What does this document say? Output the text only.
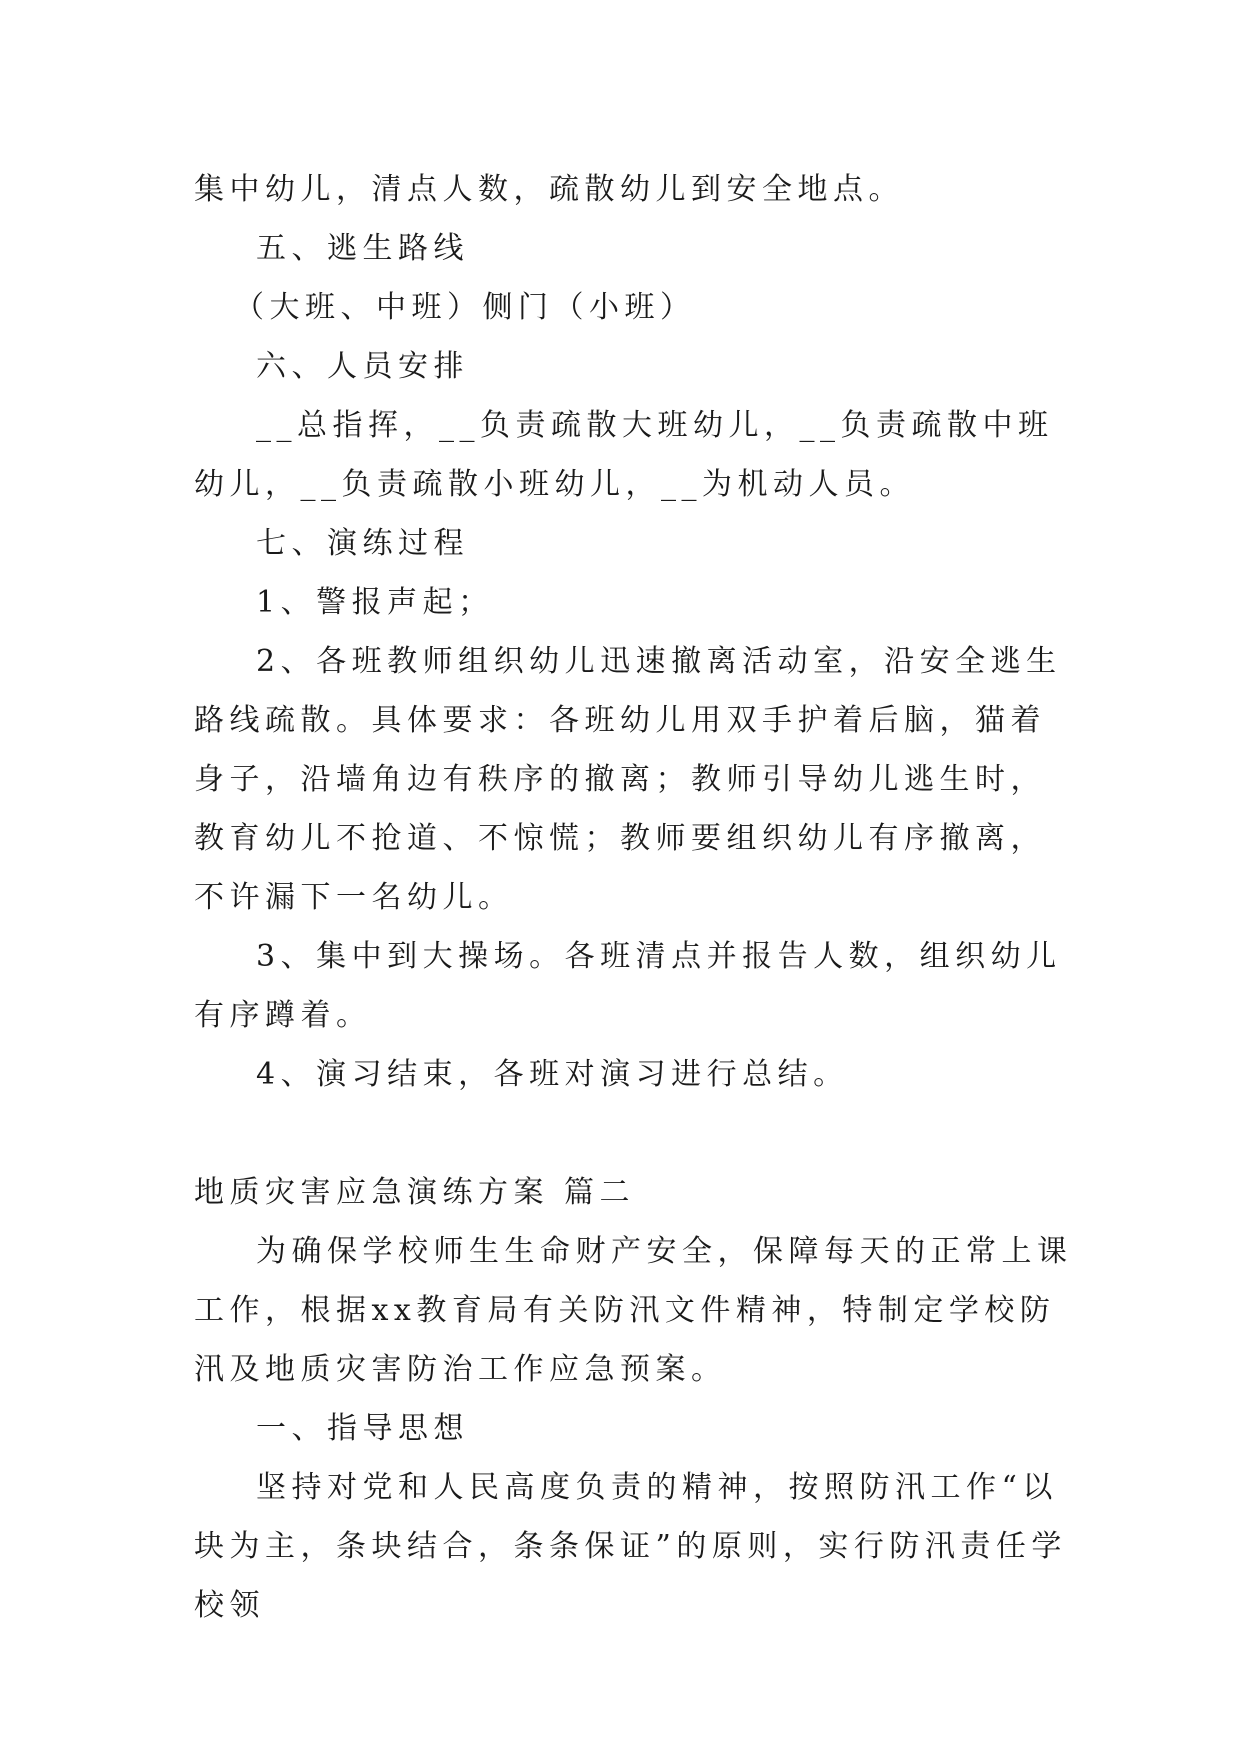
集中幼儿，清点人数，疏散幼儿到安全地点。

五、逃生路线

（大班、中班）侧门（小班）

六、人员安排

__总指挥，__负责疏散大班幼儿，__负责疏散中班幼儿，__负责疏散小班幼儿，__为机动人员。

七、演练过程

1、警报声起；

2、各班教师组织幼儿迅速撤离活动室，沿安全逃生路线疏散。具体要求：各班幼儿用双手护着后脑，猫着身子，沿墙角边有秩序的撤离；教师引导幼儿逃生时，教育幼儿不抢道、不惊慌；教师要组织幼儿有序撤离，不许漏下一名幼儿。

3、集中到大操场。各班清点并报告人数，组织幼儿有序蹲着。

4、演习结束，各班对演习进行总结。

地质灾害应急演练方案 篇二

为确保学校师生生命财产安全，保障每天的正常上课工作，根据xx教育局有关防汛文件精神，特制定学校防汛及地质灾害防治工作应急预案。

一、指导思想

坚持对党和人民高度负责的精神，按照防汛工作“以块为主，条块结合，条条保证”的原则，实行防汛责任学校领
